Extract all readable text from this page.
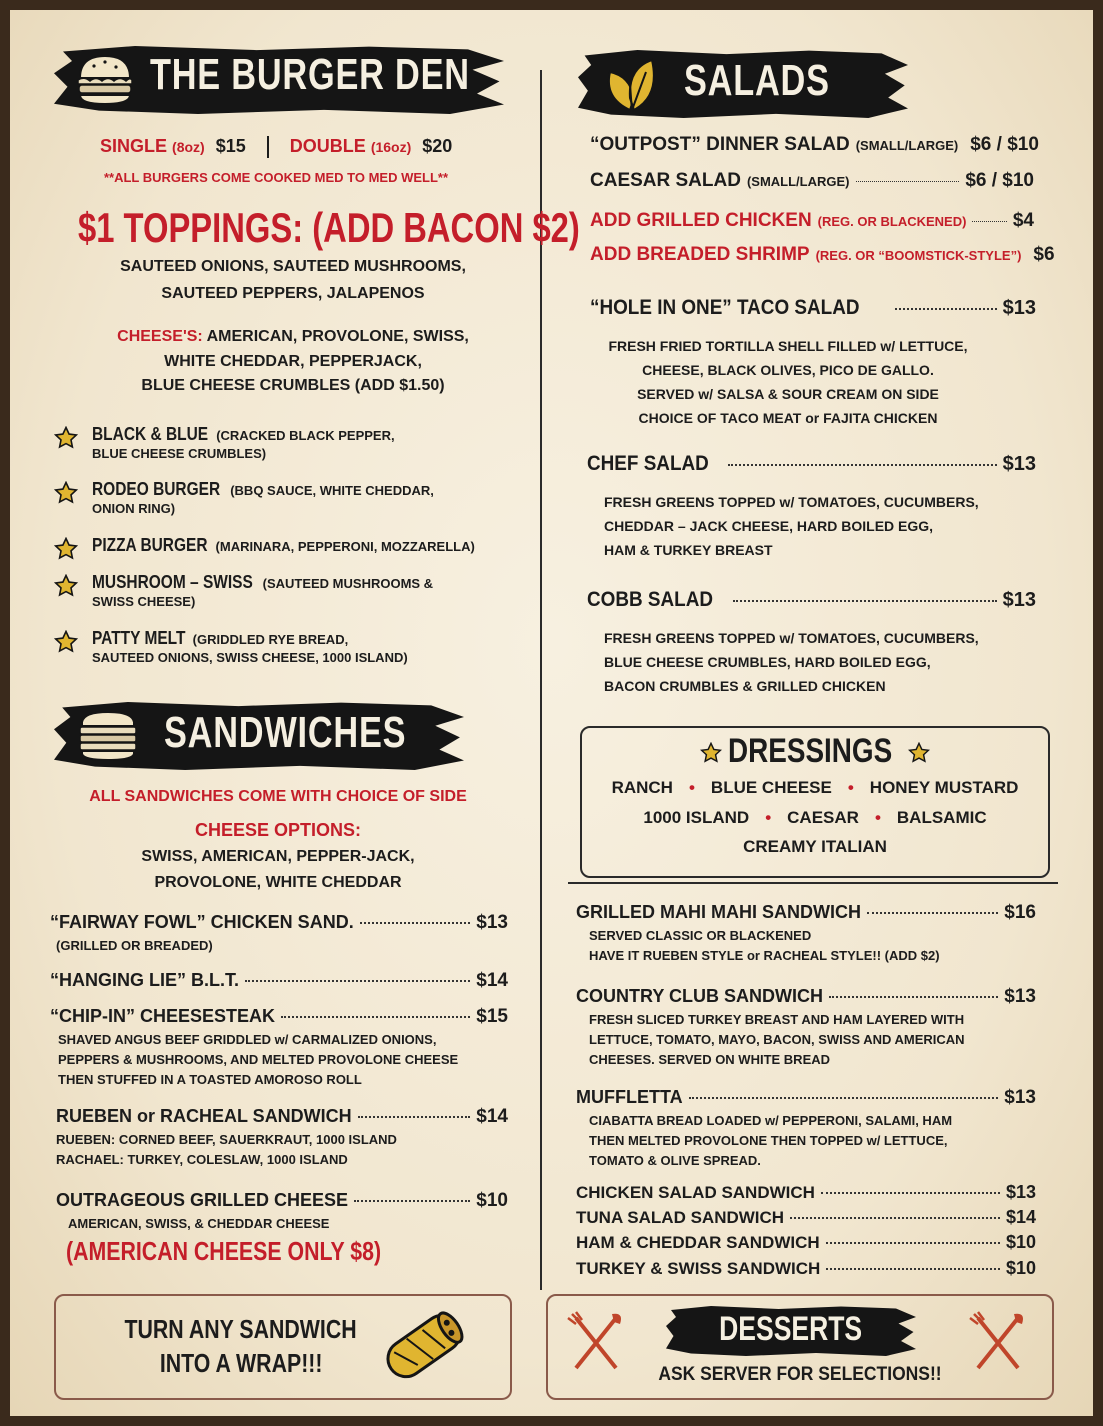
THE BURGER DEN
SINGLE (8oz) $15 DOUBLE (16oz) $20
**ALL BURGERS COME COOKED MED TO MED WELL**
$1 TOPPINGS: (ADD BACON $2)
SAUTEED ONIONS, SAUTEED MUSHROOMS,
SAUTEED PEPPERS, JALAPENOS
CHEESE'S: AMERICAN, PROVOLONE, SWISS,
WHITE CHEDDAR, PEPPERJACK,
BLUE CHEESE CRUMBLES (ADD $1.50)
SANDWICHES
ALL SANDWICHES COME WITH CHOICE OF SIDE
CHEESE OPTIONS:
SWISS, AMERICAN, PEPPER-JACK,
PROVOLONE, WHITE CHEDDAR
(AMERICAN CHEESE ONLY $8)
TURN ANY SANDWICH
INTO A WRAP!!!
SALADS
DRESSINGS
RANCH • BLUE CHEESE • HONEY MUSTARD
1000 ISLAND • CAESAR • BALSAMIC
CREAMY ITALIAN
DESSERTS
ASK SERVER FOR SELECTIONS!!
BLACK & BLUE (CRACKED BLACK PEPPER,
BLUE CHEESE CRUMBLES)
RODEO BURGER (BBQ SAUCE, WHITE CHEDDAR,
ONION RING)
PIZZA BURGER (MARINARA, PEPPERONI, MOZZARELLA)
MUSHROOM – SWISS (SAUTEED MUSHROOMS &
SWISS CHEESE)
PATTY MELT (GRIDDLED RYE BREAD,
SAUTEED ONIONS, SWISS CHEESE, 1000 ISLAND)
“FAIRWAY FOWL” CHICKEN SAND.	$13
(GRILLED OR BREADED)
“HANGING LIE” B.L.T.	$14
“CHIP-IN” CHEESESTEAK	$15
SHAVED ANGUS BEEF GRIDDLED w/ CARMALIZED ONIONS,
PEPPERS & MUSHROOMS, AND MELTED PROVOLONE CHEESE
THEN STUFFED IN A TOASTED AMOROSO ROLL
RUEBEN or RACHEAL SANDWICH	$14
RUEBEN: CORNED BEEF, SAUERKRAUT, 1000 ISLAND
RACHAEL: TURKEY, COLESLAW, 1000 ISLAND
OUTRAGEOUS GRILLED CHEESE	$10
AMERICAN, SWISS, & CHEDDAR CHEESE
“OUTPOST” DINNER SALAD (SMALL/LARGE) $6 / $10
CAESAR SALAD (SMALL/LARGE)	$6 / $10
ADD GRILLED CHICKEN (REG. OR BLACKENED) $4
ADD BREADED SHRIMP (REG. OR “BOOMSTICK-STYLE”) $6
“HOLE IN ONE” TACO SALAD	$13
FRESH FRIED TORTILLA SHELL FILLED w/ LETTUCE,
CHEESE, BLACK OLIVES, PICO DE GALLO.
SERVED w/ SALSA & SOUR CREAM ON SIDE
CHOICE OF TACO MEAT or FAJITA CHICKEN
CHEF SALAD	$13
FRESH GREENS TOPPED w/ TOMATOES, CUCUMBERS,
CHEDDAR – JACK CHEESE, HARD BOILED EGG,
HAM & TURKEY BREAST
COBB SALAD	$13
FRESH GREENS TOPPED w/ TOMATOES, CUCUMBERS,
BLUE CHEESE CRUMBLES, HARD BOILED EGG,
BACON CRUMBLES & GRILLED CHICKEN
GRILLED MAHI MAHI SANDWICH	$16
SERVED CLASSIC OR BLACKENED
HAVE IT RUEBEN STYLE or RACHEAL STYLE!! (ADD $2)
COUNTRY CLUB SANDWICH	$13
FRESH SLICED TURKEY BREAST AND HAM LAYERED WITH
LETTUCE, TOMATO, MAYO, BACON, SWISS AND AMERICAN
CHEESES. SERVED ON WHITE BREAD
MUFFLETTA	$13
CIABATTA BREAD LOADED w/ PEPPERONI, SALAMI, HAM
THEN MELTED PROVOLONE THEN TOPPED w/ LETTUCE,
TOMATO & OLIVE SPREAD.
CHICKEN SALAD SANDWICH	$13
TUNA SALAD SANDWICH	$14
HAM & CHEDDAR SANDWICH	$10
TURKEY & SWISS SANDWICH	$10
